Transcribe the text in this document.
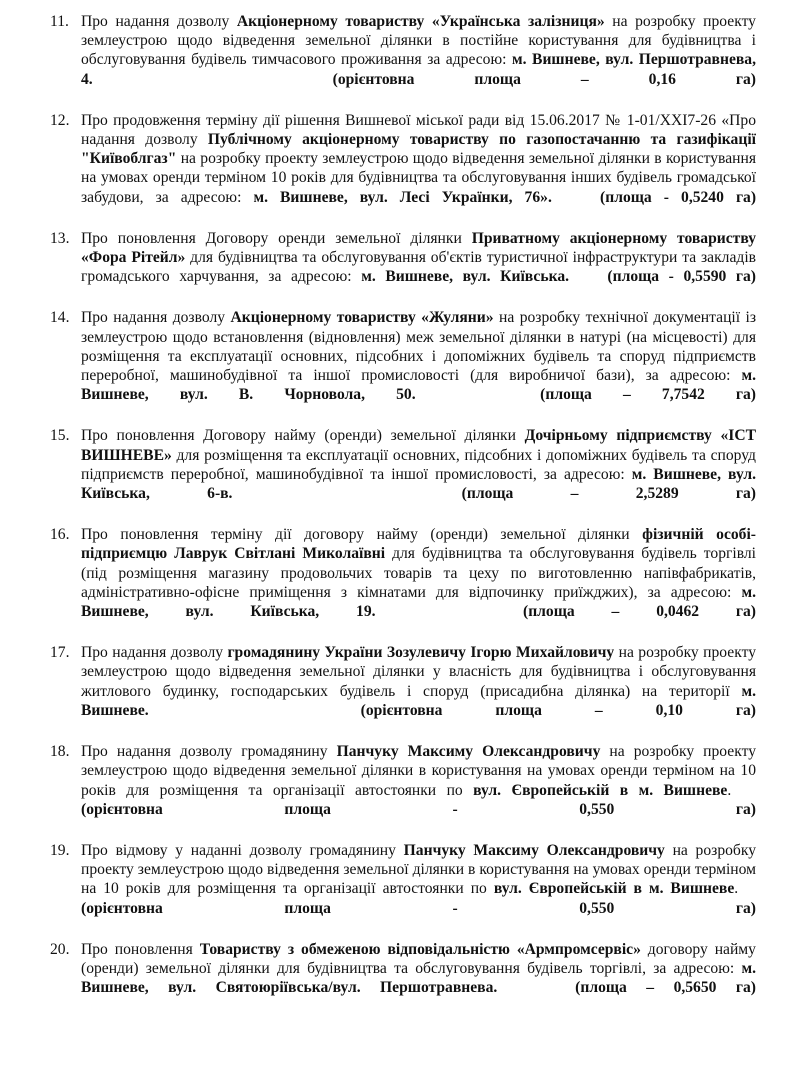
11. Про надання дозволу Акціонерному товариству «Українська залізниця» на розробку проекту землеустрою щодо відведення земельної ділянки в постійне користування для будівництва і обслуговування будівель тимчасового проживання за адресою: м. Вишневе, вул. Першотравнева, 4.	(орієнтовна площа – 0,16 га)
12. Про продовження терміну дії рішення Вишневої міської ради від 15.06.2017 № 1-01/XXI7-26 «Про надання дозволу Публічному акціонерному товариству по газопостачанню та газифікації "Київоблгаз" на розробку проекту землеустрою щодо відведення земельної ділянки в користування на умовах оренди терміном 10 років для будівництва та обслуговування інших будівель громадської забудови, за адресою: м. Вишневе, вул. Лесі Українки, 76».	(площа - 0,5240 га)
13. Про поновлення Договору оренди земельної ділянки Приватному акціонерному товариству «Фора Рітейл» для будівництва та обслуговування об'єктів туристичної інфраструктури та закладів громадського харчування, за адресою: м. Вишневе, вул. Київська. (площа - 0,5590 га)
14. Про надання дозволу Акціонерному товариству «Жуляни» на розробку технічної документації із землеустрою щодо встановлення (відновлення) меж земельної ділянки в натурі (на місцевості) для розміщення та експлуатації основних, підсобних і допоміжних будівель та споруд підприємств переробної, машинобудівної та іншої промисловості (для виробничої бази), за адресою: м. Вишневе, вул. В. Чорновола, 50.	(площа – 7,7542 га)
15. Про поновлення Договору найму (оренди) земельної ділянки Дочірньому підприємству «ІСТ ВИШНЕВЕ» для розміщення та експлуатації основних, підсобних і допоміжних будівель та споруд підприємств переробної, машинобудівної та іншої промисловості, за адресою: м. Вишневе, вул. Київська, 6-в.	(площа – 2,5289 га)
16. Про поновлення терміну дії договору найму (оренди) земельної ділянки фізичній особі-підприємцю Лаврук Світлані Миколаївні для будівництва та обслуговування будівель торгівлі (під розміщення магазину продовольчих товарів та цеху по виготовленню напівфабрикатів, адміністративно-офісне приміщення з кімнатами для відпочинку приїжджих), за адресою: м. Вишневе, вул. Київська, 19.	(площа – 0,0462 га)
17. Про надання дозволу громадянину України Зозулевичу Ігорю Михайловичу на розробку проекту землеустрою щодо відведення земельної ділянки у власність для будівництва і обслуговування житлового будинку, господарських будівель і споруд (присадибна ділянка) на території м. Вишневе.	(орієнтовна площа – 0,10 га)
18. Про надання дозволу громадянину Панчуку Максиму Олександровичу на розробку проекту землеустрою щодо відведення земельної ділянки в користування на умовах оренди терміном на 10 років для розміщення та організації автостоянки по вул. Європейській в м. Вишневе.    (орієнтовна площа - 0,550 га)
19. Про відмову у наданні дозволу громадянину Панчуку Максиму Олександровичу на розробку проекту землеустрою щодо відведення земельної ділянки в користування на умовах оренди терміном на 10 років для розміщення та організації автостоянки по вул. Європейській в м. Вишневе.    (орієнтовна площа - 0,550 га)
20. Про поновлення Товариству з обмеженою відповідальністю «Армпромсервіс» договору найму (оренди) земельної ділянки для будівництва та обслуговування будівель торгівлі, за адресою: м. Вишневе, вул. Святоюріївська/вул. Першотравнева.	(площа – 0,5650 га)
